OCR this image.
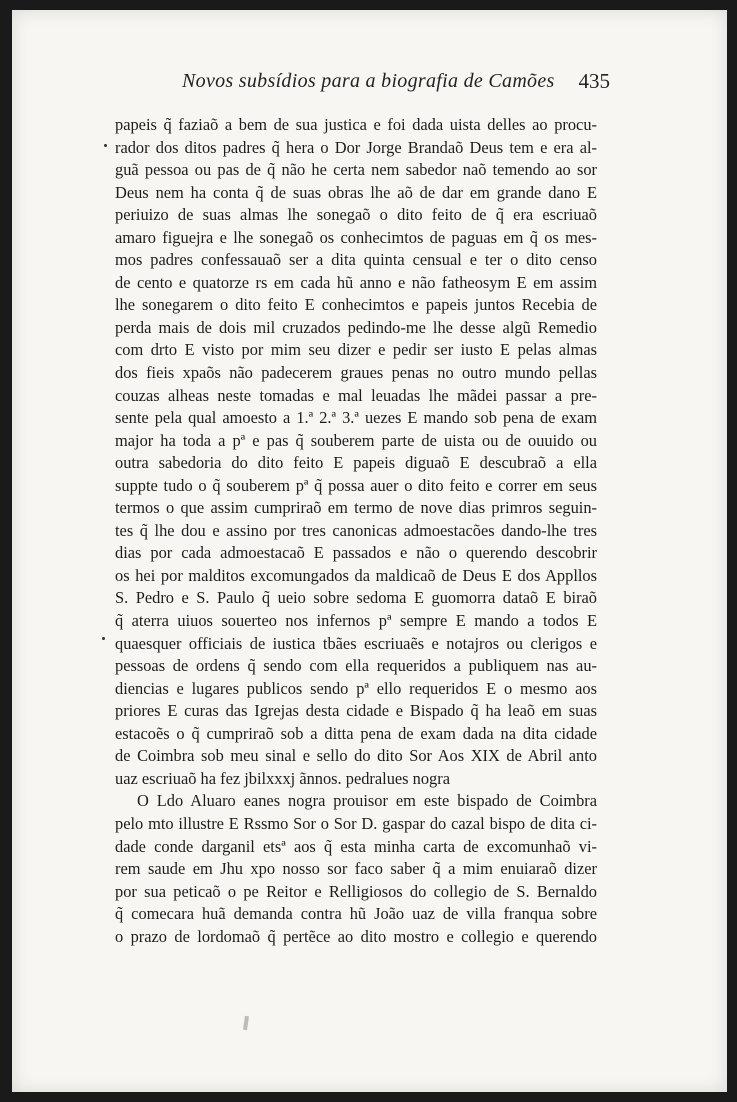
Novos subsídios para a biografia de Camões 435
papeis q̃ faziaõ a bem de sua justica e foi dada uista delles ao procu-
rador dos ditos padres q̃ hera o Dor Jorge Brandaõ Deus tem e era al-
guã pessoa ou pas de q̃ não he certa nem sabedor naõ temendo ao sor
Deus nem ha conta q̃ de suas obras lhe aõ de dar em grande dano E
periuizo de suas almas lhe sonegaõ o dito feito de q̃ era escriuaõ
amaro figuejra e lhe sonegaõ os conhecimtos de paguas em q̃ os mes-
mos padres confessauaõ ser a dita quinta censual e ter o dito censo
de cento e quatorze rs em cada hũ anno e não fatheosym E em assim
lhe sonegarem o dito feito E conhecimtos e papeis juntos Recebia de
perda mais de dois mil cruzados pedindo-me lhe desse algũ Remedio
com drto E visto por mim seu dizer e pedir ser iusto E pelas almas
dos fieis xpaõs não padecerem graues penas no outro mundo pellas
couzas alheas neste tomadas e mal leuadas lhe mãdei passar a pre-
sente pela qual amoesto a 1.ª 2.ª 3.ª uezes E mando sob pena de exam
major ha toda a pª e pas q̃ souberem parte de uista ou de ouuido ou
outra sabedoria do dito feito E papeis diguaõ E descubraõ a ella
suppte tudo o q̃ souberem pª q̃ possa auer o dito feito e correr em seus
termos o que assim cumpriraõ em termo de nove dias primros seguin-
tes q̃ lhe dou e assino por tres canonicas admoestacões dando-lhe tres
dias por cada admoestacaõ E passados e não o querendo descobrir
os hei por malditos excomungados da maldicaõ de Deus E dos Appllos
S. Pedro e S. Paulo q̃ ueio sobre sedoma E guomorra dataõ E biraõ
q̃ aterra uiuos souerteo nos infernos pª sempre E mando a todos E
quaesquer officiais de iustica tbães escriuaẽs e notajros ou clerigos e
pessoas de ordens q̃ sendo com ella requeridos a publiquem nas au-
diencias e lugares publicos sendo pª ello requeridos E o mesmo aos
priores E curas das Igrejas desta cidade e Bispado q̃ ha leaõ em suas
estacoẽs o q̃ cumpriraõ sob a ditta pena de exam dada na dita cidade
de Coimbra sob meu sinal e sello do dito Sor Aos XIX de Abril anto
uaz escriuaõ ha fez jbilxxxj ãnnos. pedralues nogra
O Ldo Aluaro eanes nogra prouisor em este bispado de Coimbra
pelo mto illustre E Rssmo Sor o Sor D. gaspar do cazal bispo de dita ci-
dade conde darganil etsª aos q̃ esta minha carta de excomunhaõ vi-
rem saude em Jhu xpo nosso sor faco saber q̃ a mim enuiaraõ dizer
por sua peticaõ o pe Reitor e Relligiosos do collegio de S. Bernaldo
q̃ comecara huã demanda contra hũ João uaz de villa franqua sobre
o prazo de lordomaõ q̃ pertẽce ao dito mostro e collegio e querendo
